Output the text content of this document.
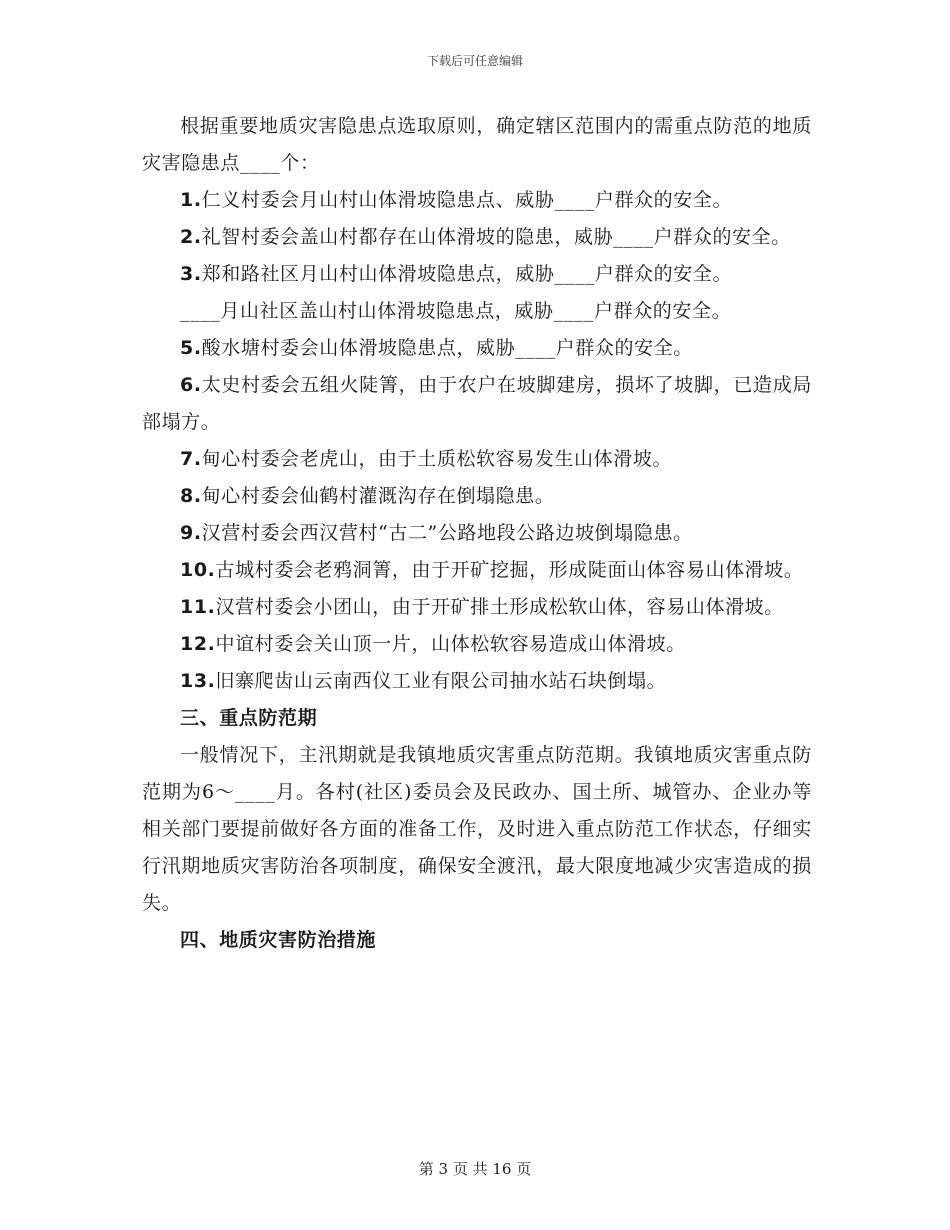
下载后可任意编辑

根据重要地质灾害隐患点选取原则，确定辖区范围内的需重点防范的地质灾害隐患点____个：

1.仁义村委会月山村山体滑坡隐患点、威胁____户群众的安全。

2.礼智村委会盖山村都存在山体滑坡的隐患，威胁____户群众的安全。

3.郑和路社区月山村山体滑坡隐患点，威胁____户群众的安全。

____月山社区盖山村山体滑坡隐患点，威胁____户群众的安全。

5.酸水塘村委会山体滑坡隐患点，威胁____户群众的安全。

6.太史村委会五组火陡箐，由于农户在坡脚建房，损坏了坡脚，已造成局部塌方。

7.甸心村委会老虎山，由于土质松软容易发生山体滑坡。

8.甸心村委会仙鹤村灌溉沟存在倒塌隐患。

9.汉营村委会西汉营村“古二”公路地段公路边坡倒塌隐患。

10.古城村委会老鸦洞箐，由于开矿挖掘，形成陡面山体容易山体滑坡。

11.汉营村委会小团山，由于开矿排土形成松软山体，容易山体滑坡。

12.中谊村委会关山顶一片，山体松软容易造成山体滑坡。

13.旧寨爬齿山云南西仪工业有限公司抽水站石块倒塌。

三、重点防范期

一般情况下，主汛期就是我镇地质灾害重点防范期。我镇地质灾害重点防范期为6～____月。各村(社区)委员会及民政办、国土所、城管办、企业办等相关部门要提前做好各方面的准备工作，及时进入重点防范工作状态，仔细实行汛期地质灾害防治各项制度，确保安全渡汛，最大限度地减少灾害造成的损失。

四、地质灾害防治措施

第 3 页 共 16 页
